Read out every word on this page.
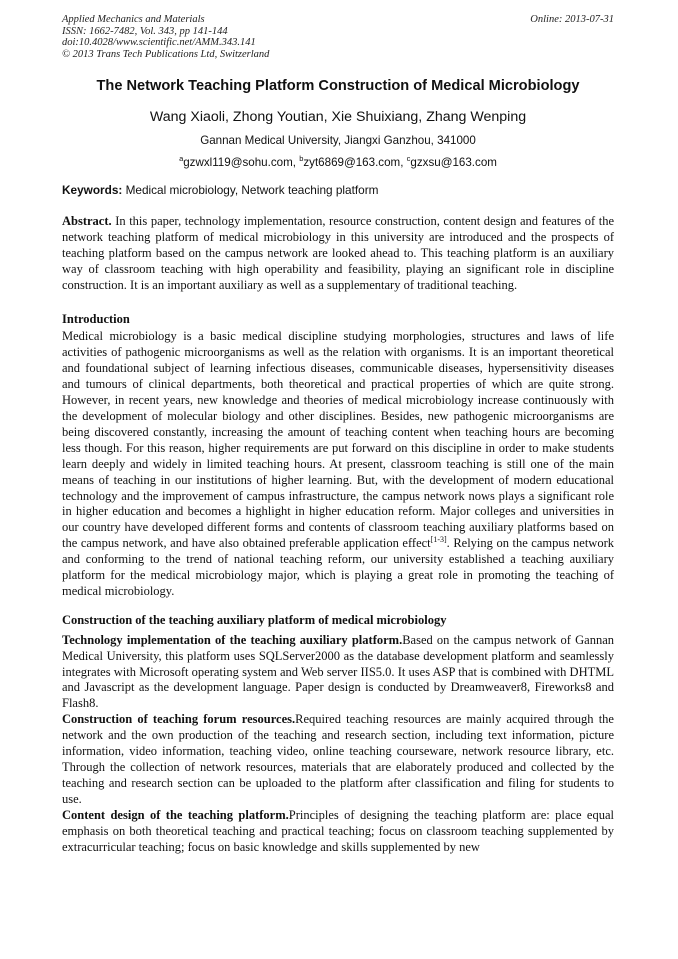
Applied Mechanics and Materials
ISSN: 1662-7482, Vol. 343, pp 141-144
doi:10.4028/www.scientific.net/AMM.343.141
© 2013 Trans Tech Publications Ltd, Switzerland
Online: 2013-07-31
The Network Teaching Platform Construction of Medical Microbiology
Wang Xiaoli, Zhong Youtian, Xie Shuixiang, Zhang Wenping
Gannan Medical University, Jiangxi Ganzhou, 341000
$^a$gzwxl119@sohu.com, $^b$zyt6869@163.com, $^c$gzxsu@163.com
Keywords: Medical microbiology, Network teaching platform

Abstract. In this paper, technology implementation, resource construction, content design and features of the network teaching platform of medical microbiology in this university are introduced and the prospects of teaching platform based on the campus network are looked ahead to. This teaching platform is an auxiliary way of classroom teaching with high operability and feasibility, playing an significant role in discipline construction. It is an important auxiliary as well as a supplementary of traditional teaching.

Introduction

Medical microbiology is a basic medical discipline studying morphologies, structures and laws of life activities of pathogenic microorganisms as well as the relation with organisms. It is an important theoretical and foundational subject of learning infectious diseases, communicable diseases, hypersensitivity diseases and tumours of clinical departments, both theoretical and practical properties of which are quite strong. However, in recent years, new knowledge and theories of medical microbiology increase continuously with the development of molecular biology and other disciplines. Besides, new pathogenic microorganisms are being discovered constantly, increasing the amount of teaching content when teaching hours are becoming less though. For this reason, higher requirements are put forward on this discipline in order to make students learn deeply and widely in limited teaching hours. At present, classroom teaching is still one of the main means of teaching in our institutions of higher learning. But, with the development of modern educational technology and the improvement of campus infrastructure, the campus network nows plays a significant role in higher education and becomes a highlight in higher education reform. Major colleges and universities in our country have developed different forms and contents of classroom teaching auxiliary platforms based on the campus network, and have also obtained preferable application effect[1-3]. Relying on the campus network and conforming to the trend of national teaching reform, our university established a teaching auxiliary platform for the medical microbiology major, which is playing a great role in promoting the teaching of medical microbiology.

Construction of the teaching auxiliary platform of medical microbiology

Technology implementation of the teaching auxiliary platform.Based on the campus network of Gannan Medical University, this platform uses SQLServer2000 as the database development platform and seamlessly integrates with Microsoft operating system and Web server IIS5.0. It uses ASP that is combined with DHTML and Javascript as the development language. Paper design is conducted by Dreamweaver8, Fireworks8 and Flash8.

Construction of teaching forum resources.Required teaching resources are mainly acquired through the network and the own production of the teaching and research section, including text information, picture information, video information, teaching video, online teaching courseware, network resource library, etc. Through the collection of network resources, materials that are elaborately produced and collected by the teaching and research section can be uploaded to the platform after classification and filing for students to use.

Content design of the teaching platform.Principles of designing the teaching platform are: place equal emphasis on both theoretical teaching and practical teaching; focus on classroom teaching supplemented by extracurricular teaching; focus on basic knowledge and skills supplemented by new
